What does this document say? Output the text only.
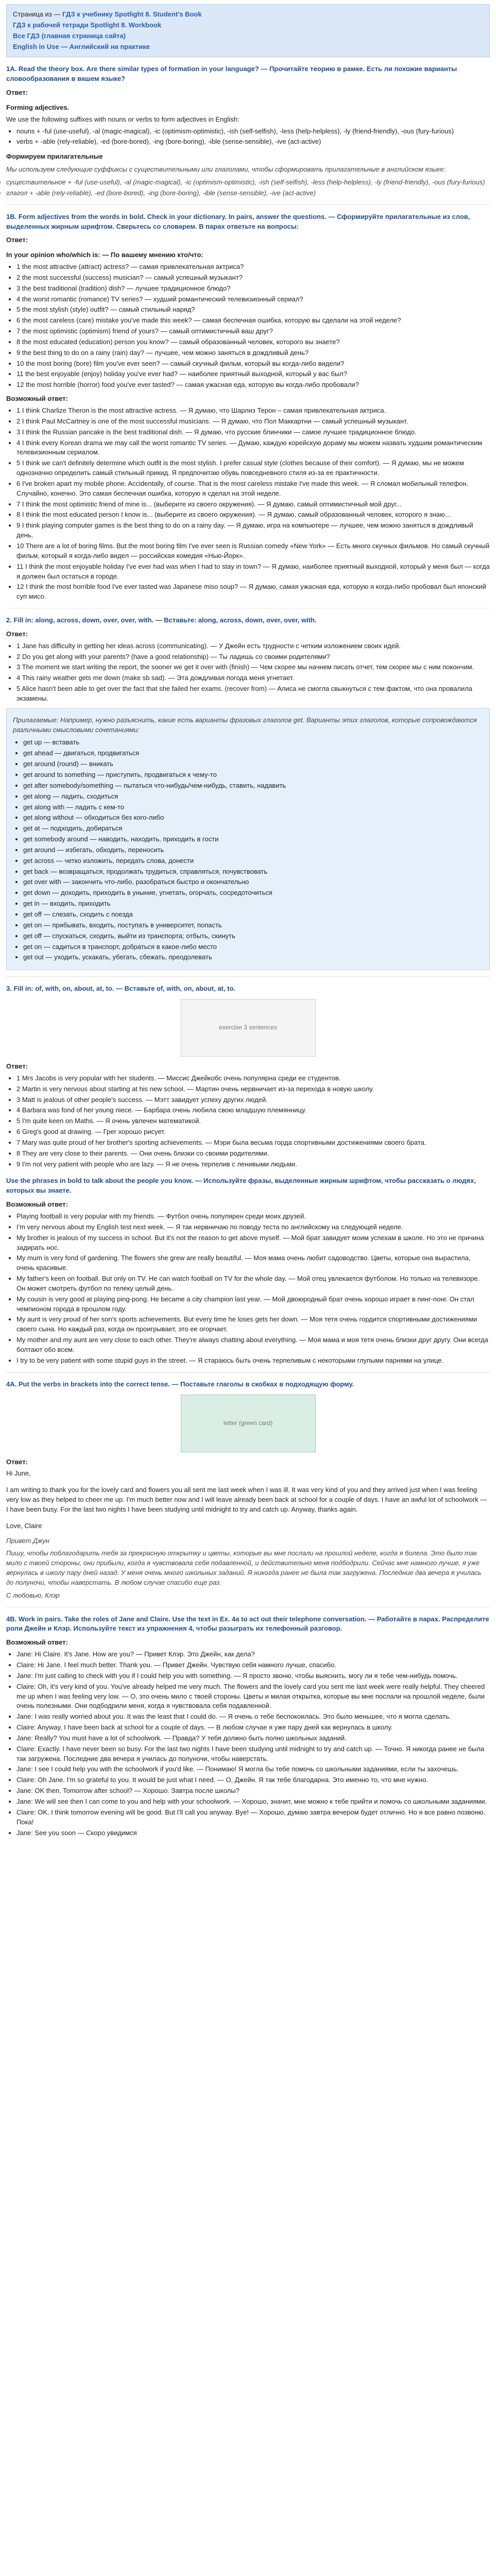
Страница из — ГДЗ к учебнику Spotlight 8. Student's Book
ГДЗ к рабочей тетради Spotlight 8. Workbook
Все ГДЗ (главная страница сайта)
English in Use — Английский на практике
1A. Read the theory box. Are there similar types of formation in your language? — Прочитайте теорию в рамке. Есть ли похожие варианты словообразования в вашем языке?
Ответ:
Forming adjectives.
We use the following suffixes with nouns or verbs to form adjectives in English:
• nouns + -ful (use-useful), -al (magic-magical), -ic (optimism-optimistic), -ish (self-selfish), -less (help-helpless), -ly (friend-friendly), -ous (fury-furious)
• verbs + -able (rely-reliable), -ed (bore-bored), -ing (bore-boring), -ible (sense-sensible), -ive (act-active)
Формируем прилагательные
Мы используем следующие суффиксы с существительными или глаголами, чтобы сформировать прилагательные в английском языке:
• существительное + -ful (use-useful), -al (magic-magical), -ic (optimism-optimistic), -ish (self-selfish), -less (help-helpless), -ly (friend-friendly), -ous (fury-furious)
• глагол + -able (rely-reliable), -ed (bore-bored), -ing (bore-boring), -ible (sense-sensible), -ive (act-active)
1B. Form adjectives from the words in bold. Check in your dictionary. In pairs, answer the questions. — Сформируйте прилагательные из слов, выделенных жирным шрифтом. Сверьтесь со словарем. В парах ответьте на вопросы:
Ответ:
In your opinion who/which is: — По вашему мнению кто/что:
• 1 the most attractive (attract) actress? — самая привлекательная актриса?
• 2 the most successful (success) musician? — самый успешный музыкант?
• 3 the best traditional (tradition) dish? — лучшее традиционное блюдо?
• 4 the worst romantic (romance) TV series? — худший романтический телевизионный сериал?
• 5 the most stylish (style) outfit? — самый стильный наряд?
• 6 the most careless (care) mistake you've made this week? — самая беспечная ошибка, которую вы сделали на этой неделе?
• 7 the most optimistic (optimism) friend of yours? — самый оптимистичный ваш друг?
• 8 the most educated (education) person you know? — самый образованный человек, которого вы знаете?
• 9 the best thing to do on a rainy (rain) day? — лучшее, чем можно заняться в дождливый день?
• 10 the most boring (bore) film you've ever seen? — самый скучный фильм, который вы когда-либо видели?
• 11 the best enjoyable (enjoy) holiday you've ever had? — наиболее приятный выходной, который у вас был?
• 12 the most horrible (horror) food you've ever tasted? — самая ужасная еда, которую вы когда-либо пробовали?
Возможный ответ:
• 1 I think Charlize Theron is the most attractive actress. — Я думаю, что Шарлиз Терон – самая привлекательная актриса.
• 2 I think Paul McCartney is one of the most successful musicians. — Я думаю, что Пол Маккартни — самый успешный музыкант.
• 3 I think the Russian pancake is the best traditional dish. — Я думаю, что русские блинчики — самое лучшее традиционное блюдо.
• 4 I think every Korean drama we may call the worst romantic TV series. — Думаю, каждую корейскую дораму мы можем назвать худшим романтическим телевизионным сериалом.
• 5 I think we can't definitely determine which outfit is the most stylish. I prefer casual style (clothes because of their comfort). — Я думаю, мы не можем однозначно определить самый стильный прикид. Я предпочитаю обувь повседневного стиля из-за ее практичности.
• 6 I've broken apart my mobile phone. Accidentally, of course. That is the most careless mistake I've made this week. — Я сломал мобильный телефон. Случайно, конечно. Это самая беспечная ошибка, которую я сделал на этой неделе.
• 7 I think the most optimistic friend of mine is... (выберите из своего окружения). — Я думаю, самый оптимистичный мой друг...
• 8 I think the most educated person I know is... (выберите из своего окружения). — Я думаю, самый образованный человек, которого я знаю...
• 9 I think playing computer games is the best thing to do on a rainy day. — Я думаю, игра на компьютере — лучшее, чем можно заняться в дождливый день.
• 10 There are a lot of boring films. But the most boring film I've ever seen is Russian comedy «New York» — Есть много скучных фильмов. Но самый скучный фильм, который я когда-либо видел — российская комедия «Нью-Йорк».
• 11 I think the most enjoyable holiday I've ever had was when I had to stay in town? — Я думаю, наиболее приятный выходной, который у меня был — когда я должен был остаться в городе.
• 12 I think the most horrible food I've ever tasted was Japanese miso soup? — Я думаю, самая ужасная еда, которую я когда-либо пробовал был японский суп мисо.
2. Fill in: along, across, down, over, over, with. — Вставьте: along, across, down, over, over, with.
Ответ:
• 1 Jane has difficulty in getting her ideas across (communicating). — У Джейн есть трудности с четким изложением своих идей.
• 2 Do you get along with your parents? (have a good relationship) — Ты ладишь со своими родителями?
• 3 The moment we start writing the report, the sooner we get it over with (finish) — Чем скорее мы начнем писать отчет, тем скорее мы с ним покончим.
• 4 This rainy weather gets me down (make sb sad). — Эта дождливая погода меня угнетает.
• 5 Alice hasn't been able to get over the fact that she failed her exams. (recover from) — Алиса не смогла свыкнуться с тем фактом, что она провалила экзамены.
Прилагаемые: Например, нужно разъяснить, какие есть варианты фразовых глаголов get. Варианты этих глаголов, которые сопровождаются различными смысловыми сочетаниями:
• get up — вставать
• get ahead — двигаться, продвигаться
• get around (round) — вникать
• get around to something — приступить, продвигаться к чему-то
• get after somebody/something — пытаться что-нибудь/чем-нибудь, ставить, надавить
• get along — ладить, сходиться
• get along with — ладить с кем-то
• get along without — обходиться без кого-либо
• get at — подходить, добираться
• get somebody around — наводить, находить, приходить в гости
• get around — избегать, обходить, переносить
• get across — четко изложить, передать слова, донести
• get back — возвращаться, продолжать трудиться, справляться, почувствовать
• get over with — закончить что-либо, разобраться быстро и окончательно
• get down — доходить, приходить в уныние, угнетать, огорчать, сосредоточиться
• get in — входить, приходить
• get off — слезать, сходить с поезда
• get on — прибывать, входить, поступать в университет, попасть
• get off — спускаться, сходить, выйти из транспорта; отбыть, скинуть
• get on — садиться в транспорт, добраться в какое-либо место
• get out — уходить, ускакать, убегать, сбежать, преодолевать
3. Fill in: of, with, on, about, at, to. — Вставьте of, with, on, about, at, to.
exercise 3 sentences
Ответ:
• 1 Mrs Jacobs is very popular with her students. — Миссис Джейкобс очень популярна среди ее студентов.
• 2 Martin is very nervous about starting at his new school. — Мартин очень нервничает из-за перехода в новую школу.
• 3 Matt is jealous of other people's success. — Мэтт завидует успеху других людей.
• 4 Barbara was fond of her young niece. — Барбара очень любила свою младшую племянницу.
• 5 I'm quite keen on Maths. — Я очень увлечен математикой.
• 6 Greg's good at drawing. — Грег хорошо рисует.
• 7 Mary was quite proud of her brother's sporting achievements. — Мэри была весьма горда спортивными достижениями своего брата.
• 8 They are very close to their parents. — Они очень близки со своими родителями.
• 9 I'm not very patient with people who are lazy. — Я не очень терпелив с ленивыми людьми.
Use the phrases in bold to talk about the people you know. — Используйте фразы, выделенные жирным шрифтом, чтобы рассказать о людях, которых вы знаете.
Возможный ответ:
• Playing football is very popular with my friends. — Футбол очень популярен среди моих друзей.
• I'm very nervous about my English test next week. — Я так нервничаю по поводу теста по английскому на следующей неделе.
• My brother is jealous of my success in school. But it's not the reason to get above myself. — Мой брат завидует моим успехам в школе. Но это не причина задирать нос.
• My mum is very fond of gardening. The flowers she grew are really beautiful. — Моя мама очень любит садоводство. Цветы, которые она вырастила, очень красивые.
• My father's keen on football. But only on TV. He can watch football on TV for the whole day. — Мой отец увлекается футболом. Но только на телевизоре. Он может смотреть футбол по телеку целый день.
• My cousin is very good at playing ping-pong. He became a city champion last year. — Мой двоюродный брат очень хорошо играет в пинг-понг. Он стал чемпионом города в прошлом году.
• My aunt is very proud of her son's sports achievements. But every time he loses gets her down. — Моя тетя очень гордится спортивными достижениями своего сына. Но каждый раз, когда он проигрывает, это ее огорчает.
• My mother and my aunt are very close to each other. They're always chatting about everything. — Моя мама и моя тетя очень близки друг другу. Они всегда болтают обо всем.
• I try to be very patient with some stupid guys in the street. — Я стараюсь быть очень терпеливым с некоторыми глупыми парнями на улице.
4A. Put the verbs in brackets into the correct tense. — Поставьте глаголы в скобках в подходящую форму.
letter (green card)
Ответ:
Hi June,

I am writing to thank you for the lovely card and flowers you all sent me last week when I was ill. It was very kind of you and they arrived just when I was feeling very low as they helped to cheer me up. I'm much better now and I will leave already been back at school for a couple of days. I have an awful lot of schoolwork — I have been busy. For the last two nights I have been studying until midnight to try and catch up. Anyway, thanks again.

Love, Claire
Привет Джун

Пишу, чтобы поблагодарить тебя за прекрасную открытку и цветы, которые вы мне послали на прошлой неделе, когда я болела. Это было так мило с твоей стороны, они прибыли, когда я чувствовала себя подавленной, и действительно меня подбодрили. Сейчас мне намного лучше, я уже вернулась в школу пару дней назад. У меня очень много школьных заданий. Я никогда ранее не была так загружена. Последние два вечера я училась до полуночи, чтобы наверстать. В любом случае спасибо еще раз.

С любовью, Клэр
4B. Work in pairs. Take the roles of Jane and Claire. Use the text in Ex. 4a to act out their telephone conversation. — Работайте в парах. Распределите роли Джейн и Клэр. Используйте текст из упражнения 4, чтобы разыграть их телефонный разговор.
Возможный ответ:
• Jane: Hi Claire. It's Jane. How are you? — Привет Клэр. Это Джейн, как дела?
• Claire: Hi Jane. I feel much better. Thank you. — Привет Джейн. Чувствую себя намного лучше, спасибо.
• Jane: I'm just calling to check with you if I could help you with something. — Я просто звоню, чтобы выяснить, могу ли я тебе чем-нибудь помочь.
• Claire: Oh, it's very kind of you. You've already helped me very much. The flowers and the lovely card you sent me last week were really helpful. They cheered me up when I was feeling very low. — О, это очень мило с твоей стороны. Цветы и милая открытка, которые вы мне послали на прошлой неделе, были очень полезными. Они подбодрили меня, когда я чувствовала себя подавленной.
• Jane: I was really worried about you. It was the least that I could do. — Я очень о тебе беспокоилась. Это было меньшее, что я могла сделать.
• Claire: Anyway, I have been back at school for a couple of days. — В любом случае я уже пару дней как вернулась в школу.
• Jane: Really? You must have a lot of schoolwork. — Правда? У тебя должно быть полно школьных заданий.
• Claire: Exactly. I have never been so busy. For the last two nights I have been studying until midnight to try and catch up. — Точно. Я никогда ранее не была так загружена. Последние два вечера я училась до полуночи, чтобы наверстать.
• Jane: I see I could help you with the schoolwork if you'd like. — Понимаю! Я могла бы тебе помочь со школьными заданиями, если ты захочешь.
• Claire: Oh Jane. I'm so grateful to you. It would be just what I need. — О, Джейн. Я так тебе благодарна. Это именно то, что мне нужно.
• Jane: OK then. Tomorrow after school? — Хорошо. Завтра после школы?
• Jane: We will see then I can come to you and help with your schoolwork. — Хорошо, значит, мне можно к тебе прийти и помочь со школьными заданиями.
• Claire: OK. I think tomorrow evening will be good. But I'll call you anyway. Bye! — Хорошо, думаю завтра вечером будет отлично. Но я все равно позвоню. Пока!
• Jane: See you soon — Скоро увидимся
